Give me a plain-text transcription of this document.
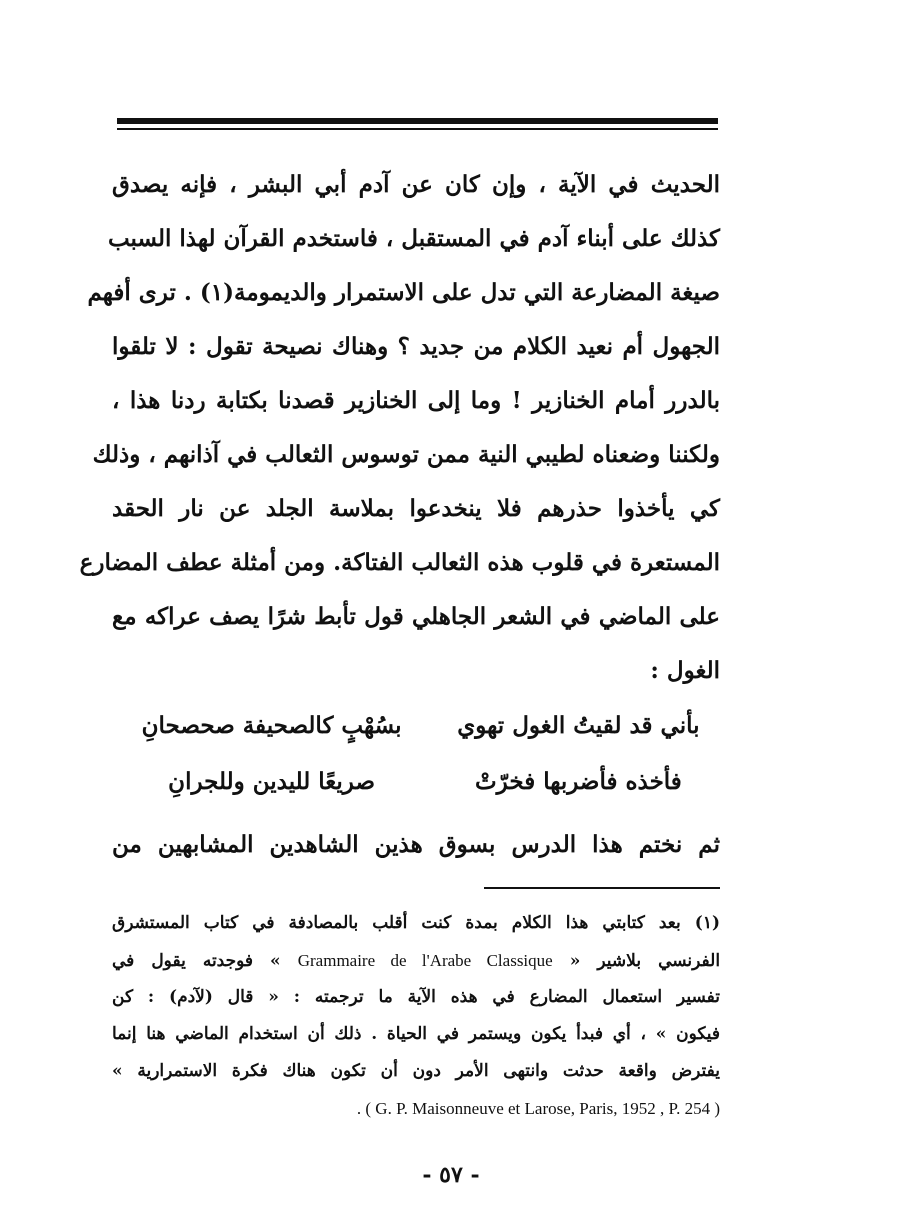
الحديث في الآية ، وإن كان عن آدم أبي البشر ، فإنه يصدق
كذلك على أبناء آدم في المستقبل ، فاستخدم القرآن لهذا السبب
صيغة المضارعة التي تدل على الاستمرار والديمومة(١) . ترى أفهم
الجهول أم نعيد الكلام من جديد ؟ وهناك نصيحة تقول : لا تلقوا
بالدرر أمام الخنازير ! وما إلى الخنازير قصدنا بكتابة ردنا هذا ،
ولكننا وضعناه لطيبي النية ممن توسوس الثعالب في آذانهم ، وذلك
كي يأخذوا حذرهم فلا ينخدعوا بملاسة الجلد عن نار الحقد
المستعرة في قلوب هذه الثعالب الفتاكة. ومن أمثلة عطف المضارع
على الماضي في الشعر الجاهلي قول تأبط شرًا يصف عراكه مع
الغول :
بأني قد لقيتُ الغول تهوي
بسُهْبٍ كالصحيفة صحصحانِ
فأخذه فأضربها فخرّتْ
صريعًا لليدين وللجرانِ
ثم نختم هذا الدرس بسوق هذين الشاهدين المشابهين من
(١) بعد كتابتي هذا الكلام بمدة كنت أقلب بالمصادفة في كتاب المستشرق
الفرنسي بلاشير « Grammaire de l'Arabe Classique » فوجدته يقول في
تفسير استعمال المضارع في هذه الآية ما ترجمته : « قال (لآدم) : كن
فيكون » ، أي فبدأ يكون ويستمر في الحياة . ذلك أن استخدام الماضي هنا إنما
يفترض واقعة حدثت وانتهى الأمر دون أن تكون هناك فكرة الاستمرارية »
. ( G. P. Maisonneuve et Larose, Paris, 1952 , P. 254 )
- ٥٧ -
